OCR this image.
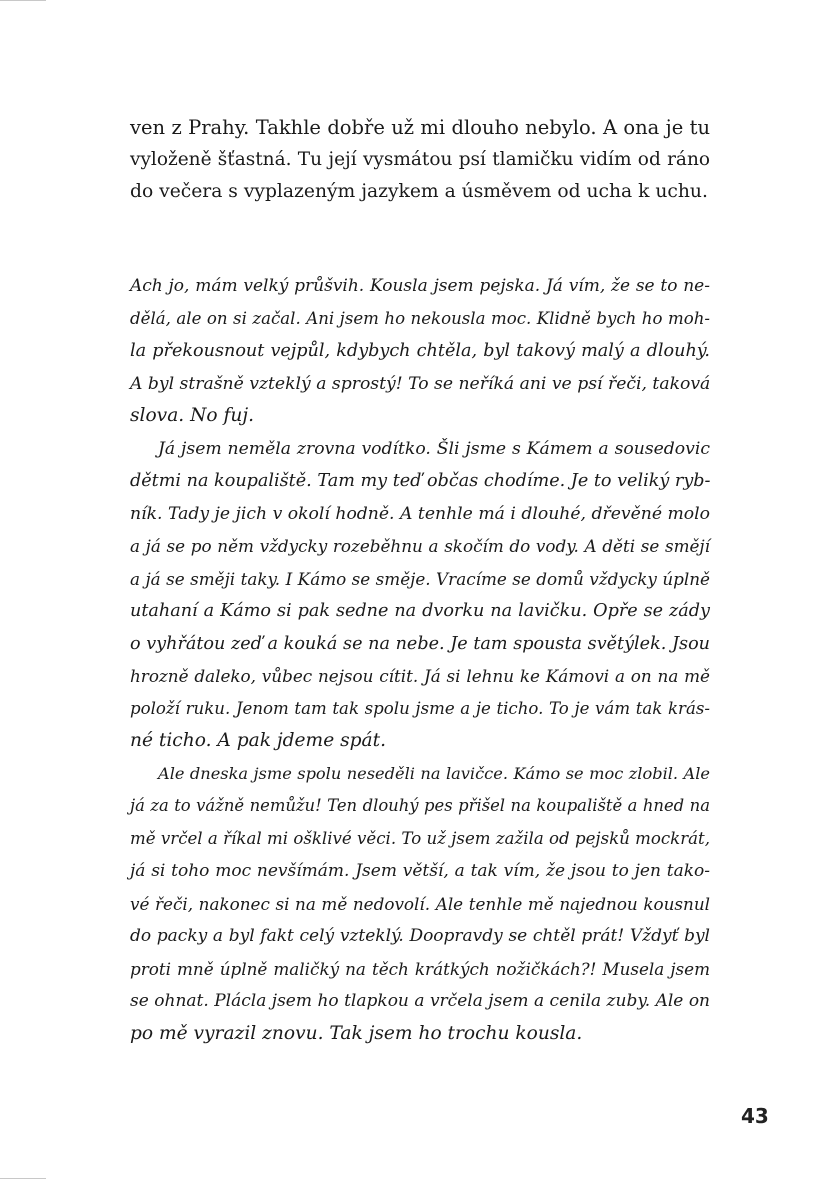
ven z Prahy. Takhle dobře už mi dlouho nebylo. A ona je tu
vyloženě šťastná. Tu její vysmátou psí tlamičku vidím od ráno
do večera s vyplazeným jazykem a úsměvem od ucha k uchu.
Ach jo, mám velký průšvih. Kousla jsem pejska. Já vím, že se to ne-
dělá, ale on si začal. Ani jsem ho nekousla moc. Klidně bych ho moh-
la překousnout vejpůl, kdybych chtěla, byl takový malý a dlouhý.
A byl strašně vzteklý a sprostý! To se neříká ani ve psí řeči, taková
slova. No fuj.
Já jsem neměla zrovna vodítko. Šli jsme s Kámem a sousedovic
dětmi na koupaliště. Tam my teď občas chodíme. Je to veliký ryb-
ník. Tady je jich v okolí hodně. A tenhle má i dlouhé, dřevěné molo
a já se po něm vždycky rozeběhnu a skočím do vody. A děti se smějí
a já se směji taky. I Kámo se směje. Vracíme se domů vždycky úplně
utahaní a Kámo si pak sedne na dvorku na lavičku. Opře se zády
o vyhřátou zeď a kouká se na nebe. Je tam spousta světýlek. Jsou
hrozně daleko, vůbec nejsou cítit. Já si lehnu ke Kámovi a on na mě
položí ruku. Jenom tam tak spolu jsme a je ticho. To je vám tak krás-
né ticho. A pak jdeme spát.
Ale dneska jsme spolu neseděli na lavičce. Kámo se moc zlobil. Ale
já za to vážně nemůžu! Ten dlouhý pes přišel na koupaliště a hned na
mě vrčel a říkal mi ošklivé věci. To už jsem zažila od pejsků mockrát,
já si toho moc nevšímám. Jsem větší, a tak vím, že jsou to jen tako-
vé řeči, nakonec si na mě nedovolí. Ale tenhle mě najednou kousnul
do packy a byl fakt celý vzteklý. Doopravdy se chtěl prát! Vždyť byl
proti mně úplně maličký na těch krátkých nožičkách?! Musela jsem
se ohnat. Plácla jsem ho tlapkou a vrčela jsem a cenila zuby. Ale on
po mě vyrazil znovu. Tak jsem ho trochu kousla.
43
